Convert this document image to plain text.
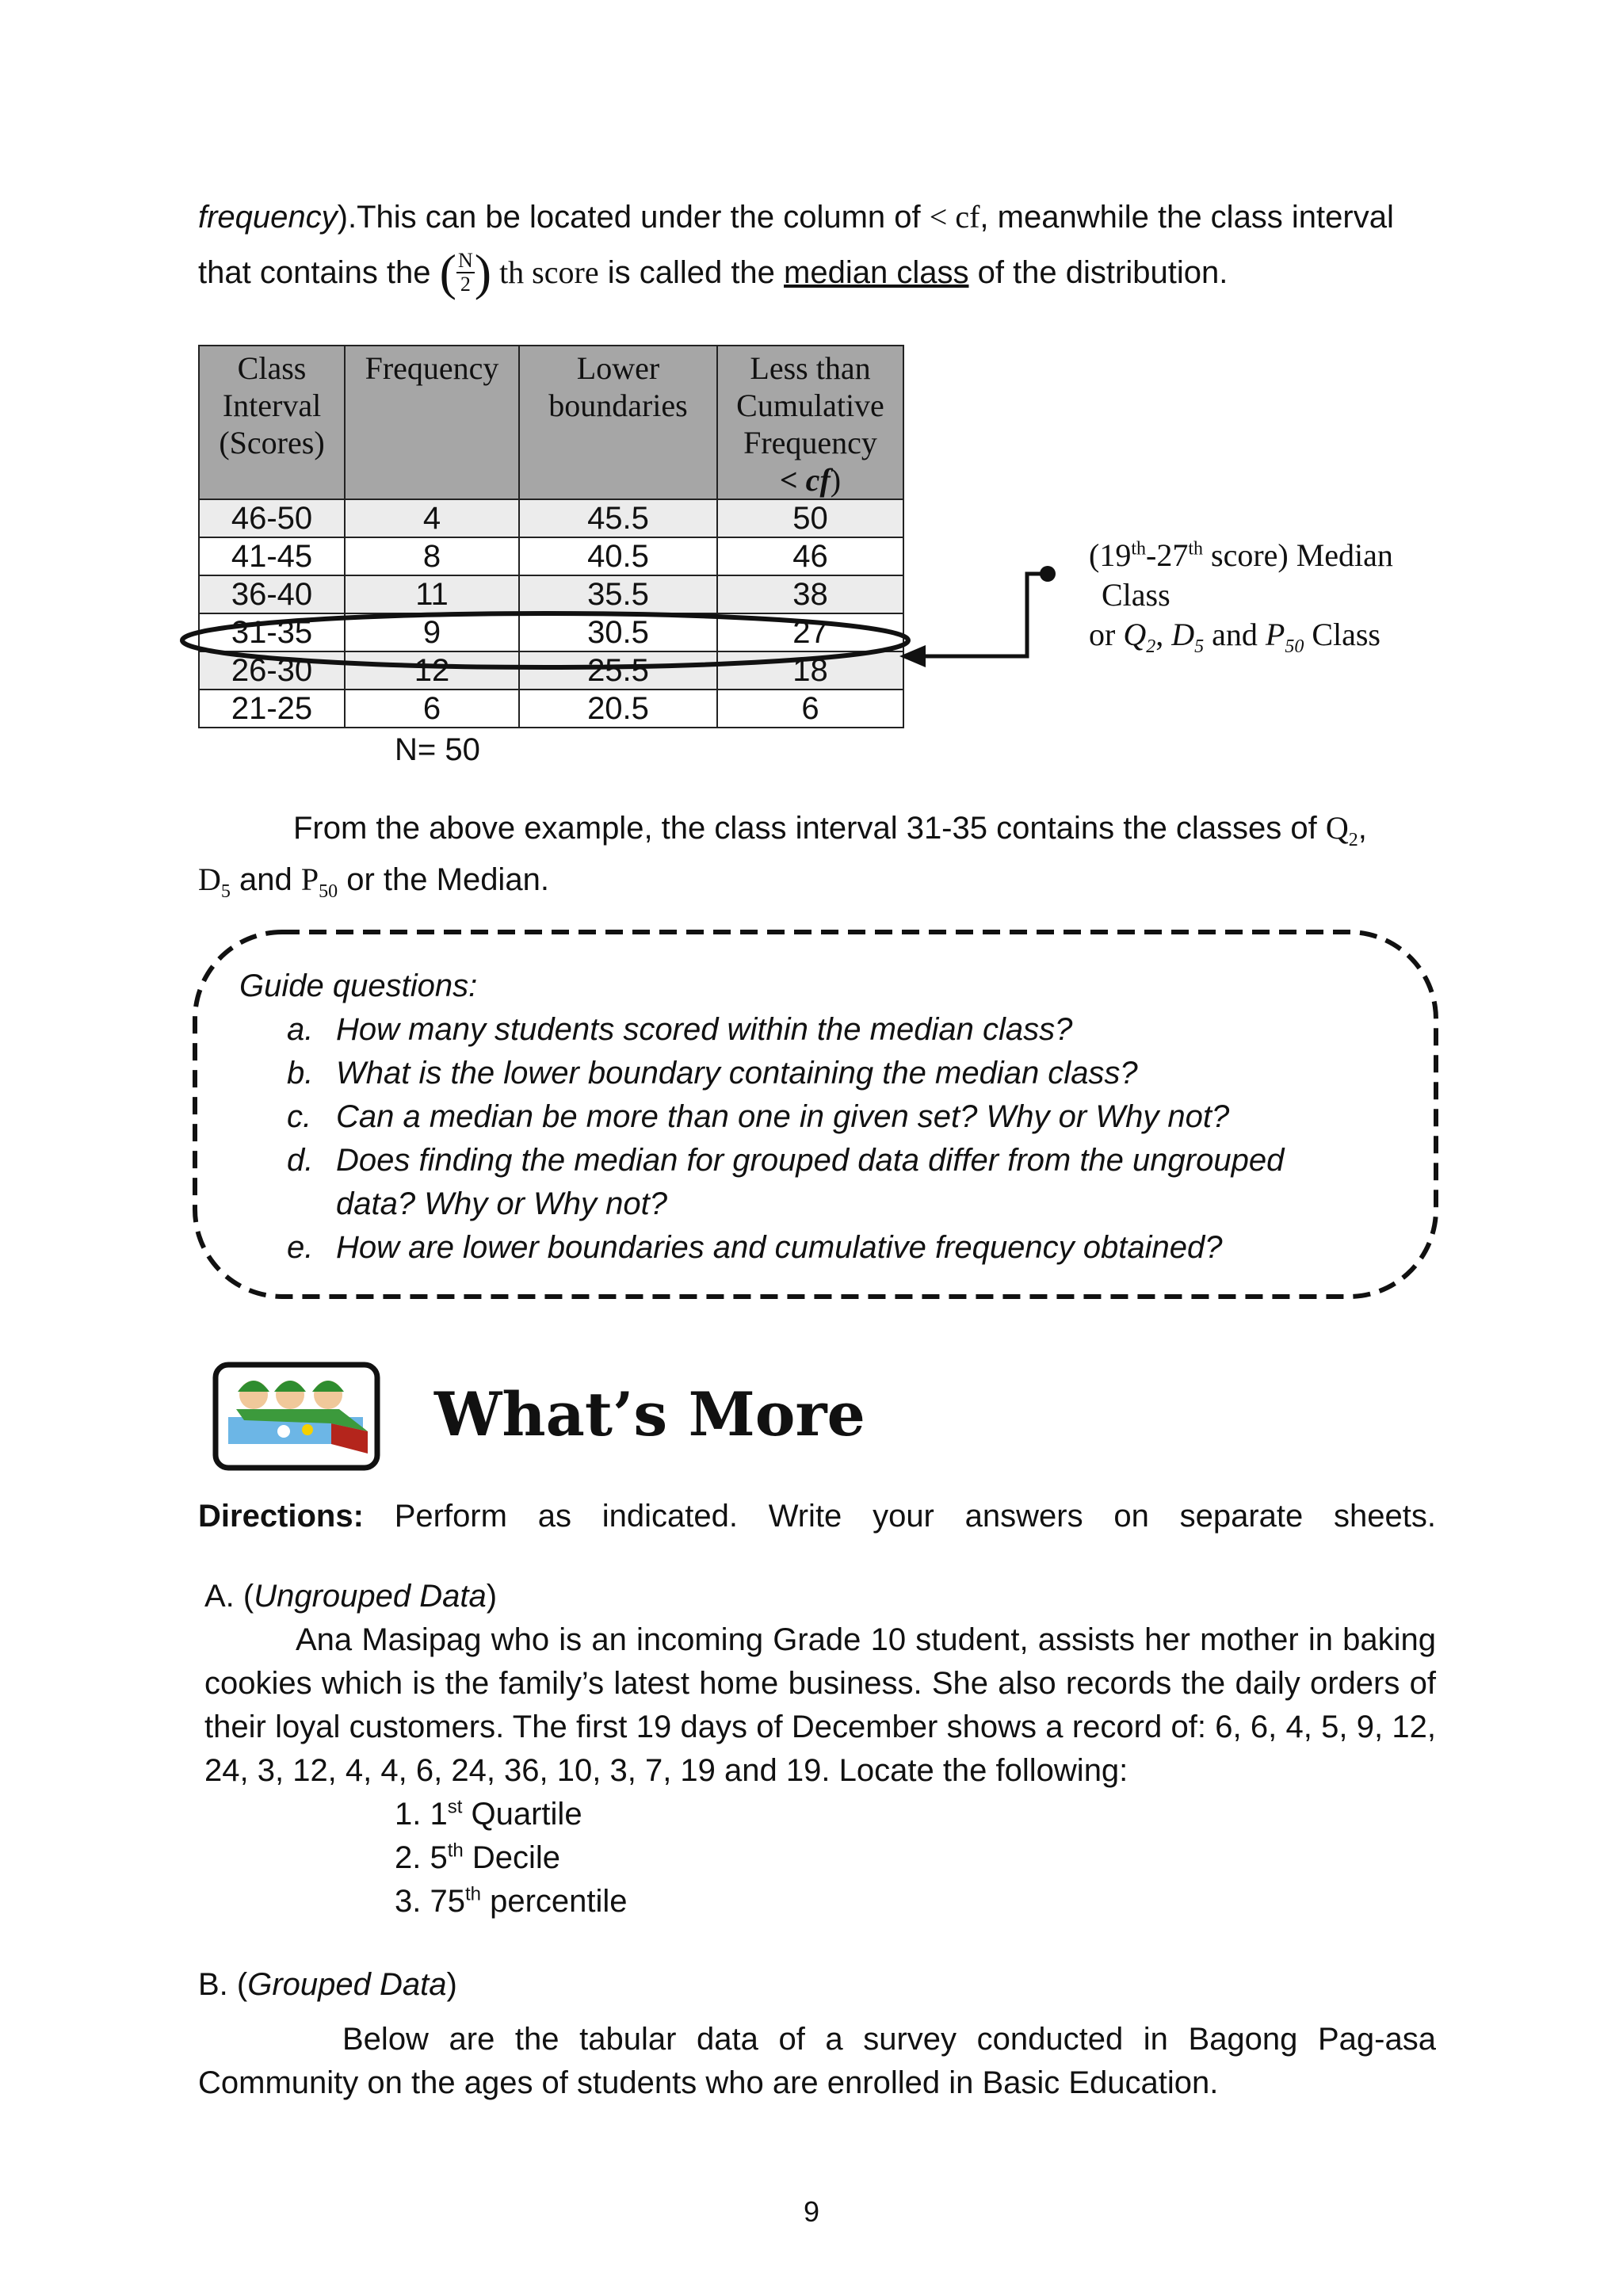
frequency).This can be located under the column of < cf, meanwhile the class interval
that contains the ( $\frac{N}{2}$ ) th score is called the median class of the distribution.
Class Interval (Scores)	Frequency	Lower boundaries	Less than Cumulative Frequency
< cf)
46-50	4	45.5	50
41-45	8	40.5	46
36-40	11	35.5	38
31-35	9	30.5	27
26-30	12	25.5	18
21-25	6	20.5	6
N= 50
(19th-27th score) Median
Class
or $Q_2$, $D_5$ and $P_{50}$ Class
From the above example, the class interval 31-35 contains the classes of $Q_2$,
$D_5$ and $P_{50}$ or the Median.
Guide questions:
a. How many students scored within the median class?
b. What is the lower boundary containing the median class?
c. Can a median be more than one in given set? Why or Why not?
d. Does finding the median for grouped data differ from the ungrouped data? Why or Why not?
e. How are lower boundaries and cumulative frequency obtained?
What’s More
Directions: Perform as indicated. Write your answers on separate sheets.
A. (Ungrouped Data)
Ana Masipag who is an incoming Grade 10 student, assists her mother in baking cookies which is the family’s latest home business. She also records the daily orders of their loyal customers. The first 19 days of December shows a record of: 6, 6, 4, 5, 9, 12, 24, 3, 12, 4, 4, 6, 24, 36, 10, 3, 7, 19 and 19. Locate the following:
1. 1st Quartile
2. 5th Decile
3. 75th percentile
B. (Grouped Data)
Below are the tabular data of a survey conducted in Bagong Pag-asa Community on the ages of students who are enrolled in Basic Education.
9
